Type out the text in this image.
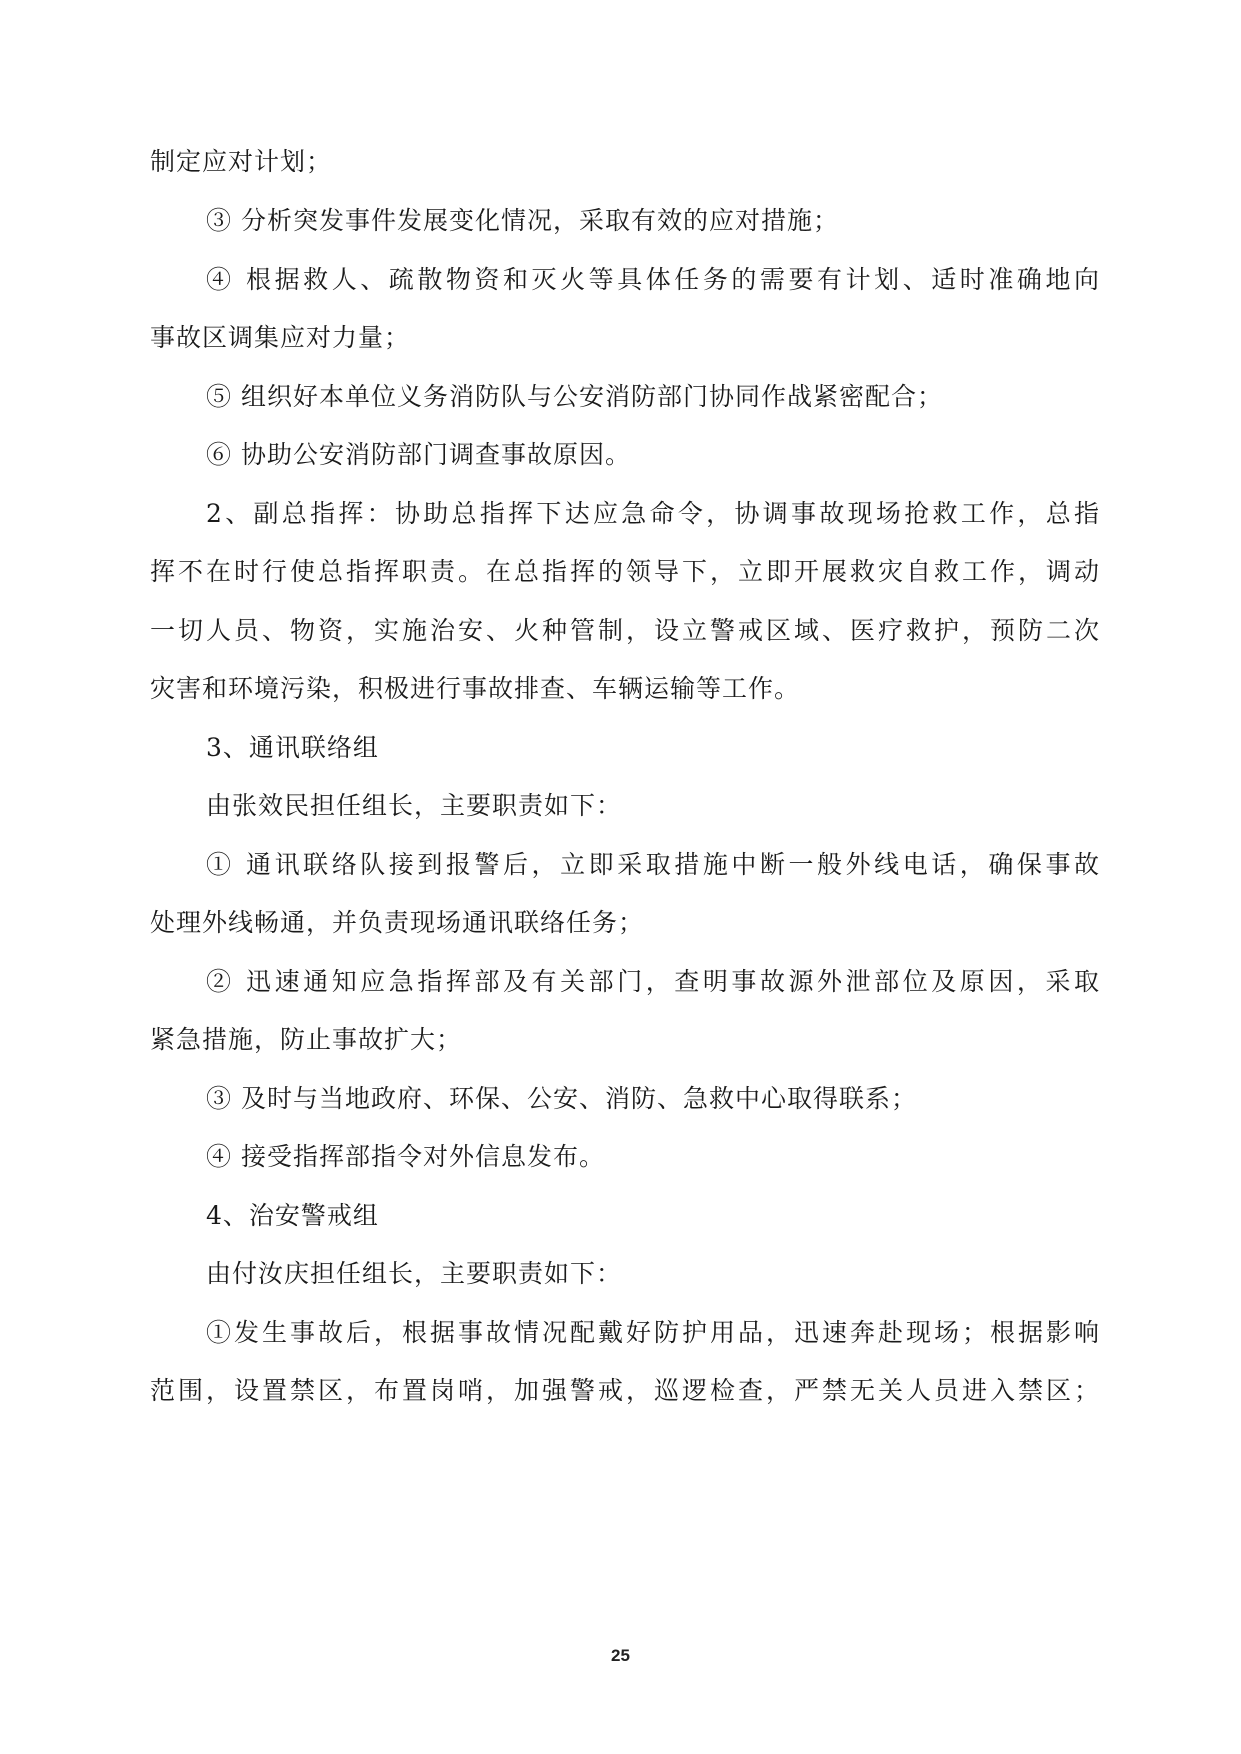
制定应对计划；
③ 分析突发事件发展变化情况，采取有效的应对措施；
④ 根据救人、疏散物资和灭火等具体任务的需要有计划、适时准确地向
事故区调集应对力量；
⑤ 组织好本单位义务消防队与公安消防部门协同作战紧密配合；
⑥ 协助公安消防部门调查事故原因。
2、副总指挥：协助总指挥下达应急命令，协调事故现场抢救工作，总指
挥不在时行使总指挥职责。在总指挥的领导下，立即开展救灾自救工作，调动
一切人员、物资，实施治安、火种管制，设立警戒区域、医疗救护，预防二次
灾害和环境污染，积极进行事故排查、车辆运输等工作。
3、通讯联络组
由张效民担任组长，主要职责如下：
① 通讯联络队接到报警后，立即采取措施中断一般外线电话，确保事故
处理外线畅通，并负责现场通讯联络任务；
② 迅速通知应急指挥部及有关部门，查明事故源外泄部位及原因，采取
紧急措施，防止事故扩大；
③ 及时与当地政府、环保、公安、消防、急救中心取得联系；
④ 接受指挥部指令对外信息发布。
4、治安警戒组
由付汝庆担任组长，主要职责如下：
①发生事故后，根据事故情况配戴好防护用品，迅速奔赴现场；根据影响
范围，设置禁区，布置岗哨，加强警戒，巡逻检查，严禁无关人员进入禁区；
25
